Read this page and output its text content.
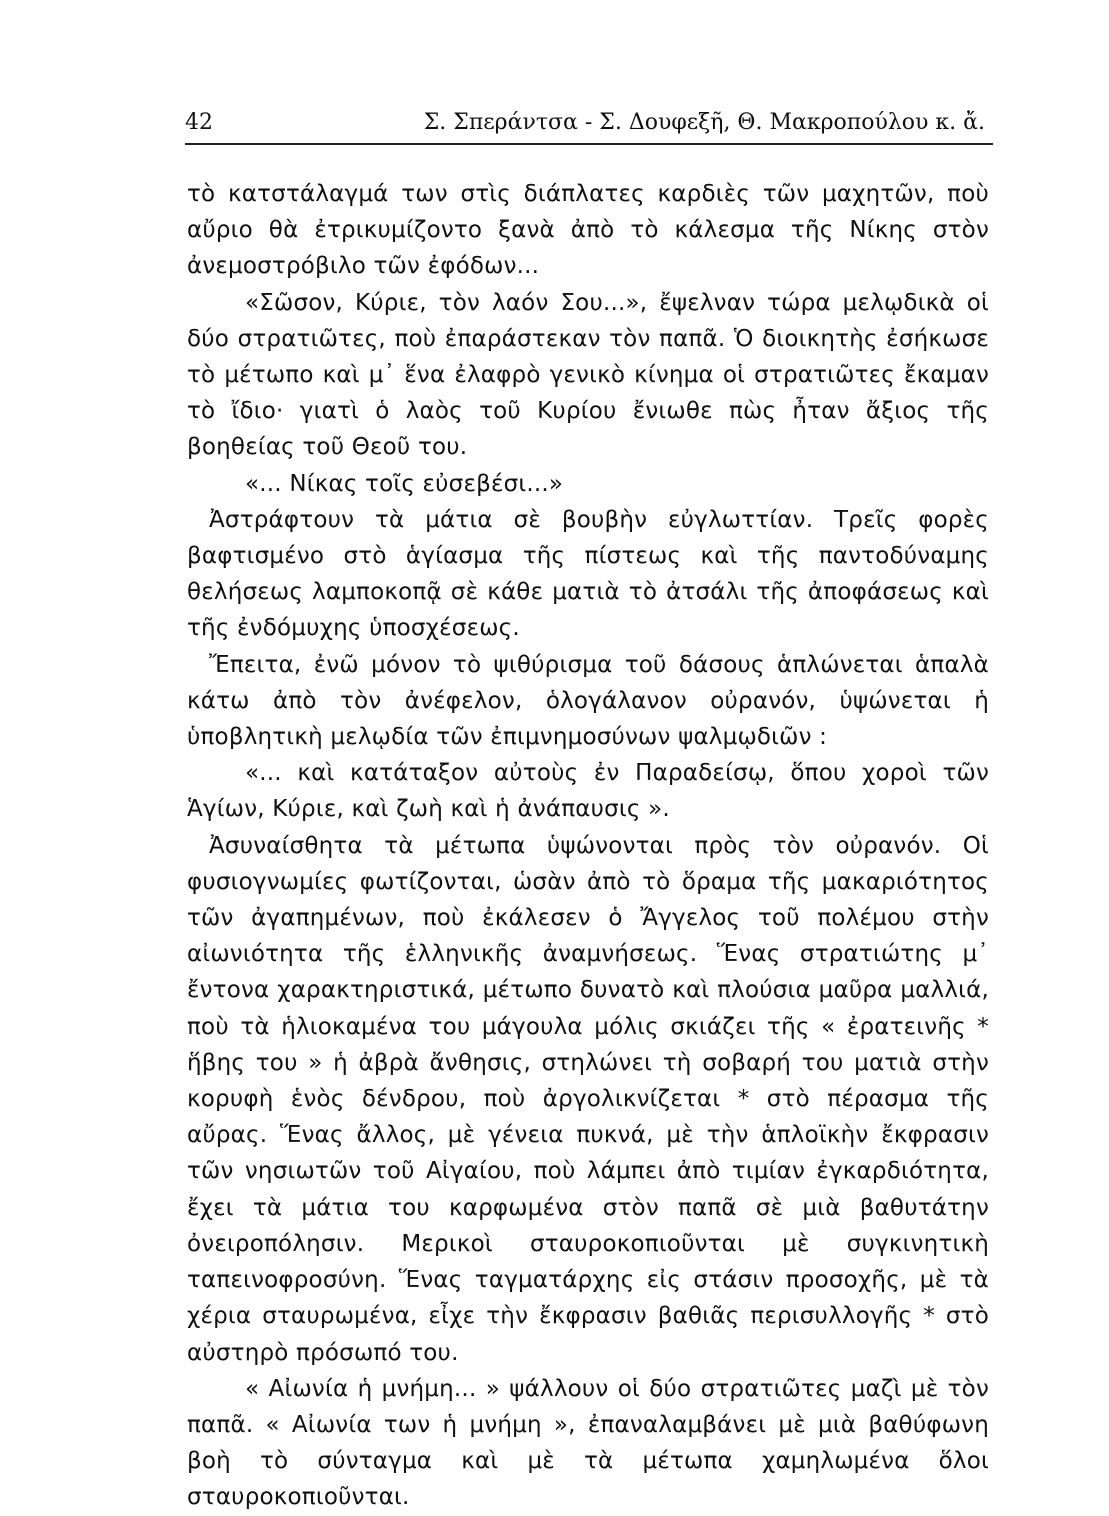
42	Σ. Σπεράντσα - Σ. Δουφεξῆ, Θ. Μακροπούλου κ. ἄ.

τὸ κατστάλαγμά των στὶς διάπλατες καρδιὲς τῶν μαχητῶν, ποὺ αὔριο θὰ ἐτρικυμίζοντο ξανὰ ἀπὸ τὸ κάλεσμα τῆς Νίκης στὸν ἀνεμοστρόβιλο τῶν ἐφόδων...

«Σῶσον, Κύριε, τὸν λαόν Σου...», ἔψελναν τώρα μελῳδικὰ οἱ δύο στρατιῶτες, ποὺ ἐπαράστεκαν τὸν παπᾶ. Ὁ διοικητὴς ἐσήκωσε τὸ μέτωπο καὶ μ᾽ ἕνα ἐλαφρὸ γενικὸ κίνημα οἱ στρατιῶτες ἔκαμαν τὸ ἴδιο· γιατὶ ὁ λαὸς τοῦ Κυρίου ἔνιωθε πὼς ἦταν ἄξιος τῆς βοηθείας τοῦ Θεοῦ του.

«... Νίκας τοῖς εὐσεβέσι...»

Ἀστράφτουν τὰ μάτια σὲ βουβὴν εὐγλωττίαν. Τρεῖς φορὲς βαφτισμένο στὸ ἁγίασμα τῆς πίστεως καὶ τῆς παντοδύναμης θελήσεως λαμποκοπᾷ σὲ κάθε ματιὰ τὸ ἀτσάλι τῆς ἀποφάσεως καὶ τῆς ἐνδόμυχης ὑποσχέσεως.

Ἔπειτα, ἐνῶ μόνον τὸ ψιθύρισμα τοῦ δάσους ἁπλώνεται ἁπαλὰ κάτω ἀπὸ τὸν ἀνέφελον, ὁλογάλανον οὐρανόν, ὑψώνεται ἡ ὑποβλητικὴ μελῳδία τῶν ἐπιμνημοσύνων ψαλμῳδιῶν :

«... καὶ κατάταξον αὐτοὺς ἐν Παραδείσῳ, ὅπου χοροὶ τῶν Ἁγίων, Κύριε, καὶ ζωὴ καὶ ἡ ἀνάπαυσις ».

Ἀσυναίσθητα τὰ μέτωπα ὑψώνονται πρὸς τὸν οὐρανόν. Οἱ φυσιογνωμίες φωτίζονται, ὡσὰν ἀπὸ τὸ ὅραμα τῆς μακαριότητος τῶν ἀγαπημένων, ποὺ ἐκάλεσεν ὁ Ἄγγελος τοῦ πολέμου στὴν αἰωνιότητα τῆς ἑλληνικῆς ἀναμνήσεως. Ἕνας στρατιώτης μ᾽ ἔντονα χαρακτηριστικά, μέτωπο δυνατὸ καὶ πλούσια μαῦρα μαλλιά, ποὺ τὰ ἡλιοκαμένα του μάγουλα μόλις σκιάζει τῆς « ἐρατεινῆς * ἥβης του » ἡ ἀβρὰ ἄνθησις, στηλώνει τὴ σοβαρή του ματιὰ στὴν κορυφὴ ἑνὸς δένδρου, ποὺ ἀργολικνίζεται * στὸ πέρασμα τῆς αὔρας. Ἕνας ἄλλος, μὲ γένεια πυκνά, μὲ τὴν ἁπλοϊκὴν ἔκφρασιν τῶν νησιωτῶν τοῦ Αἰγαίου, ποὺ λάμπει ἀπὸ τιμίαν ἐγκαρδιότητα, ἔχει τὰ μάτια του καρφωμένα στὸν παπᾶ σὲ μιὰ βαθυτάτην ὀνειροπόλησιν. Μερικοὶ σταυροκοπιοῦνται μὲ συγκινητικὴ ταπεινοφροσύνη. Ἕνας ταγματάρχης εἰς στάσιν προσοχῆς, μὲ τὰ χέρια σταυρωμένα, εἶχε τὴν ἔκφρασιν βαθιᾶς περισυλλογῆς * στὸ αὐστηρὸ πρόσωπό του.

« Αἰωνία ἡ μνήμη... » ψάλλουν οἱ δύο στρατιῶτες μαζὶ μὲ τὸν παπᾶ. « Αἰωνία των ἡ μνήμη », ἐπαναλαμβάνει μὲ μιὰ βαθύφωνη βοὴ τὸ σύνταγμα καὶ μὲ τὰ μέτωπα χαμηλωμένα ὅλοι σταυροκοπιοῦνται.
